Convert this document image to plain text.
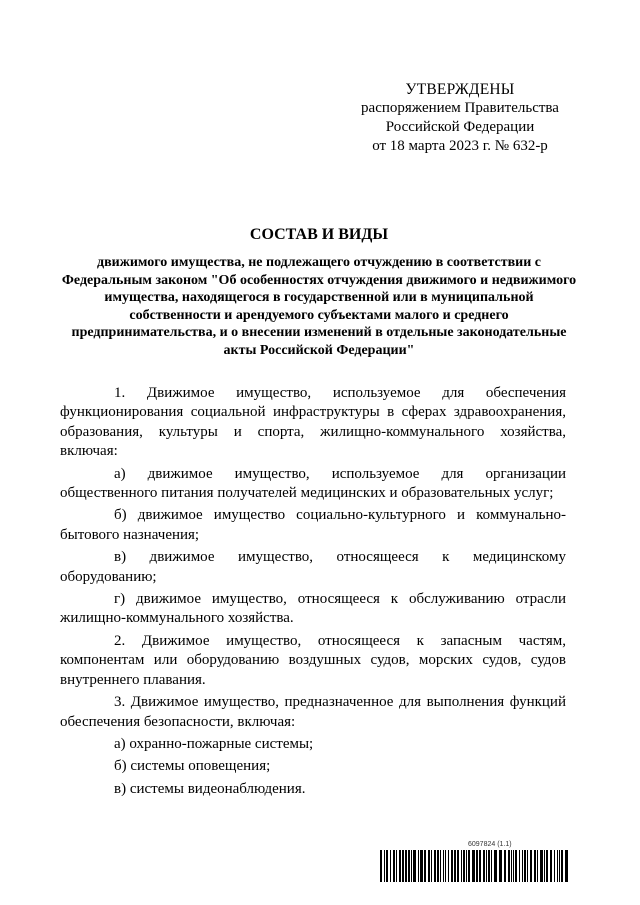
УТВЕРЖДЕНЫ
распоряжением Правительства
Российской Федерации
от 18 марта 2023 г. № 632-р
СОСТАВ И ВИДЫ
движимого имущества, не подлежащего отчуждению в соответствии с Федеральным законом "Об особенностях отчуждения движимого и недвижимого имущества, находящегося в государственной или в муниципальной собственности и арендуемого субъектами малого и среднего предпринимательства, и о внесении изменений в отдельные законодательные акты Российской Федерации"

1. Движимое имущество, используемое для обеспечения функционирования социальной инфраструктуры в сферах здравоохранения, образования, культуры и спорта, жилищно-коммунального хозяйства, включая:

а) движимое имущество, используемое для организации общественного питания получателей медицинских и образовательных услуг;

б) движимое имущество социально-культурного и коммунально-бытового назначения;

в) движимое имущество, относящееся к медицинскому оборудованию;

г) движимое имущество, относящееся к обслуживанию отрасли жилищно-коммунального хозяйства.

2. Движимое имущество, относящееся к запасным частям, компонентам или оборудованию воздушных судов, морских судов, судов внутреннего плавания.

3. Движимое имущество, предназначенное для выполнения функций обеспечения безопасности, включая:

а) охранно-пожарные системы;

б) системы оповещения;

в) системы видеонаблюдения.

6097824 (1.1)
